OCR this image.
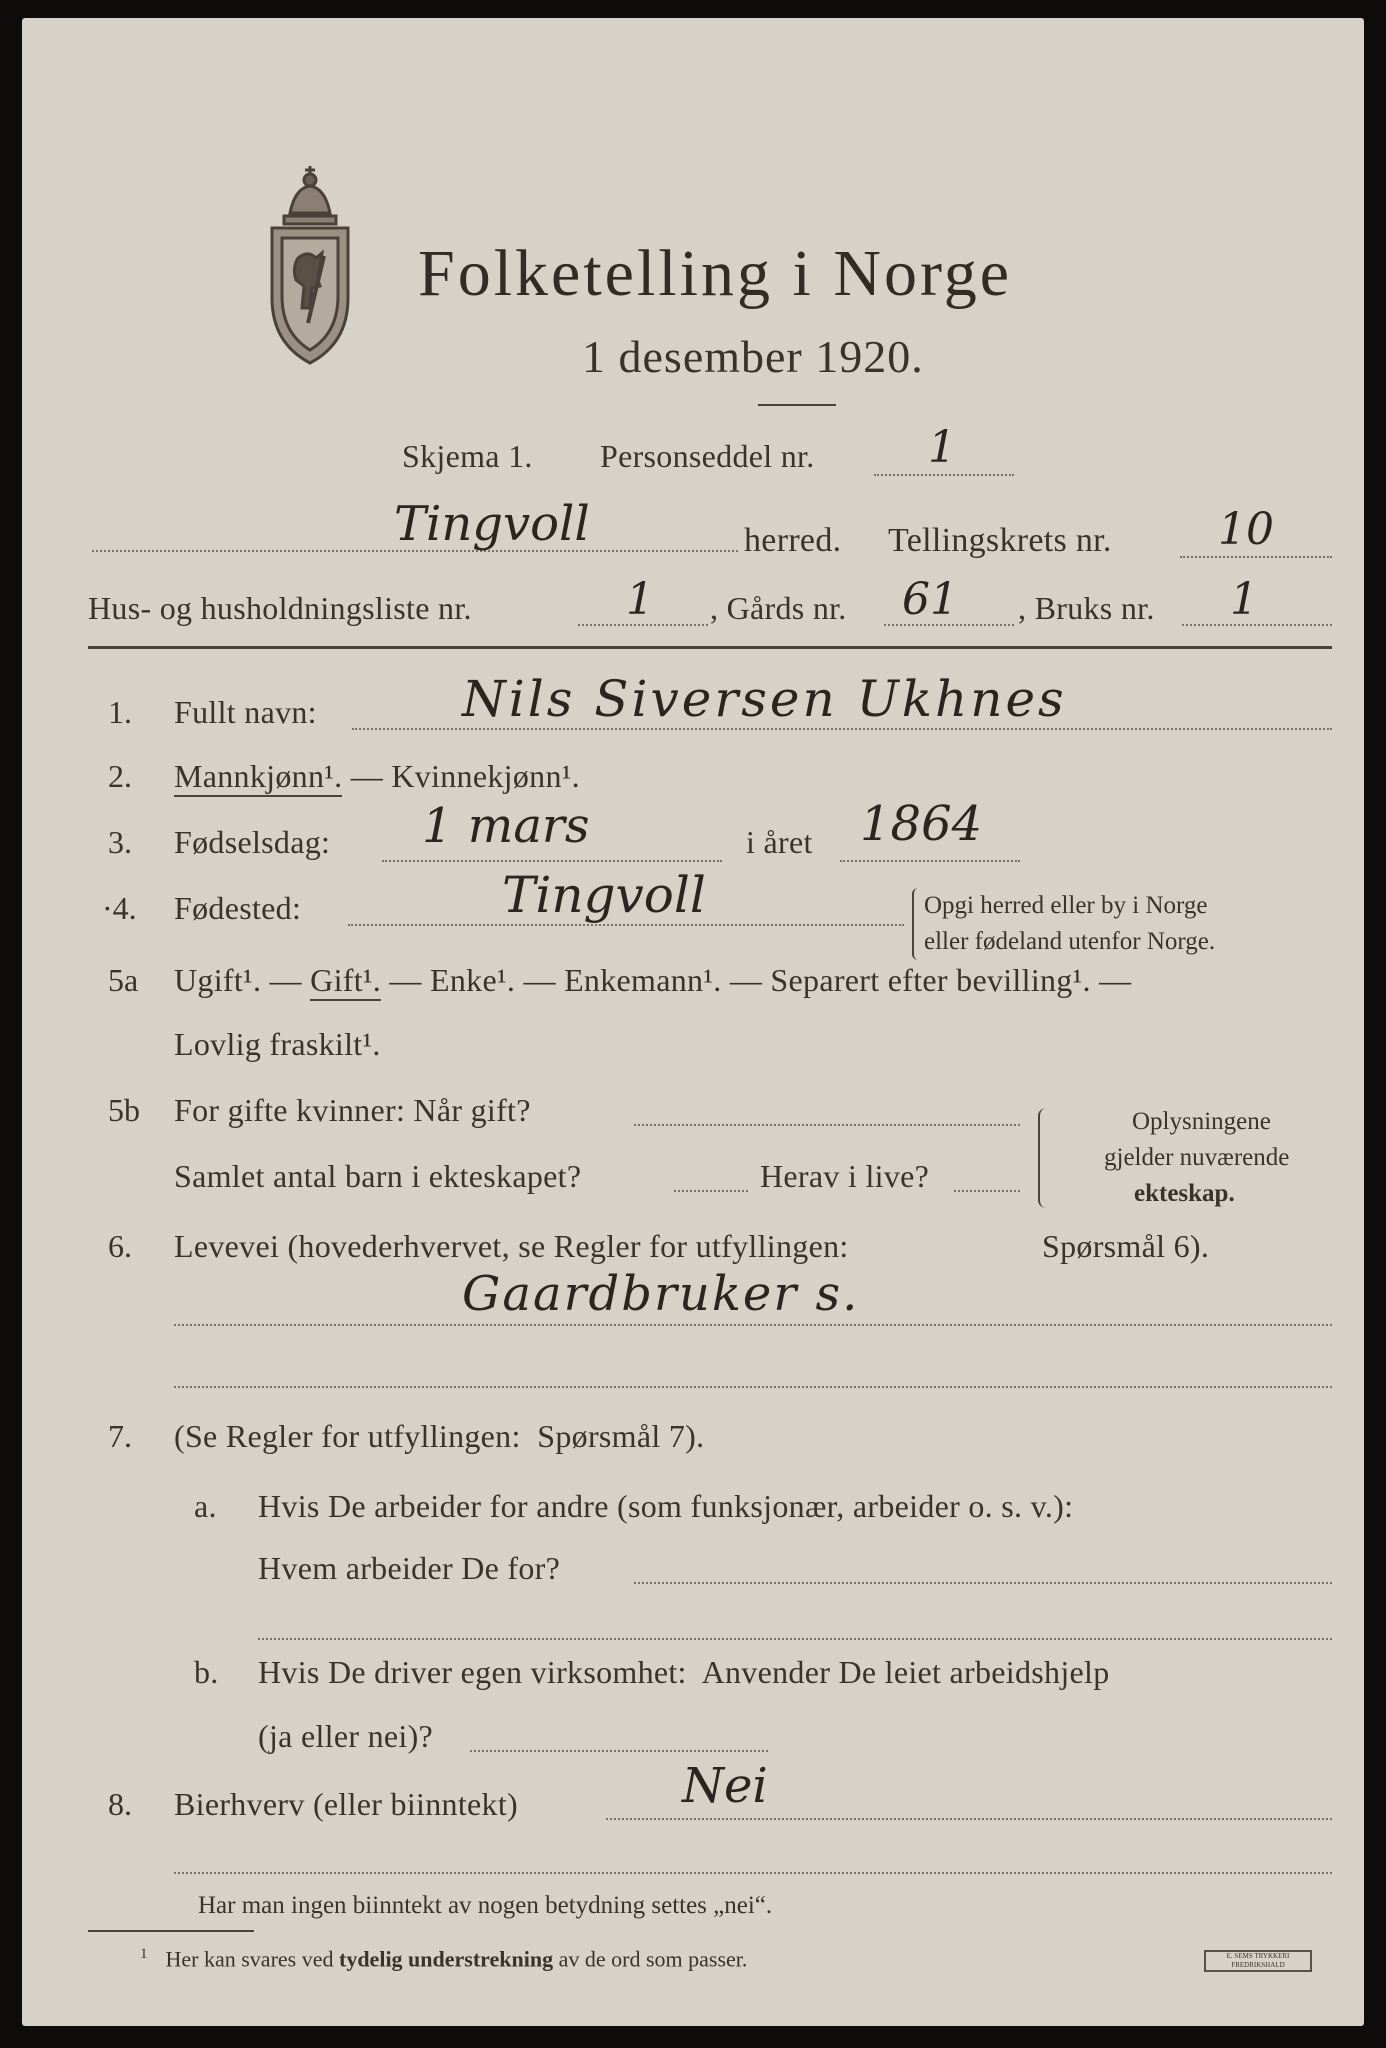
Folketelling i Norge
1 desember 1920.
Skjema 1. Personseddel nr.	1
Tingvoll	herred. Tellingskrets nr. 10
Hus- og husholdningsliste nr.	1 , Gårds nr. 61 , Bruks nr. 1
1. Fullt navn:	Nils Siversen Ukhnes
2. Mannkjønn¹. — Kvinnekjønn¹.
3. Fødselsdag: 1 mars	i året 1864
·4. Fødested:	Tingvoll	Opgi herred eller by i Norge
eller fødeland utenfor Norge.
5a Ugift¹. — Gift¹. — Enke¹. — Enkemann¹. — Separert efter bevilling¹. —
Lovlig fraskilt¹.
5b For gifte kvinner: Når gift?
Samlet antal barn i ekteskapet?	Herav i live?
Oplysningene
gjelder nuværende
ekteskap.
6. Levevei (hovederhvervet, se Regler for utfyllingen:	Spørsmål 6).
Gaardbruker s.
7. (Se Regler for utfyllingen:  Spørsmål 7).
a. Hvis De arbeider for andre (som funksjonær, arbeider o. s. v.):
Hvem arbeider De for?
b. Hvis De driver egen virksomhet:  Anvender De leiet arbeidshjelp
(ja eller nei)?
8. Bierhverv (eller biinntekt)	Nei
Har man ingen biinntekt av nogen betydning settes „nei“.
$^1$ Her kan svares ved tydelig understrekning av de ord som passer.	E. SEMS TRYKKERI FREDRIKSHALD
